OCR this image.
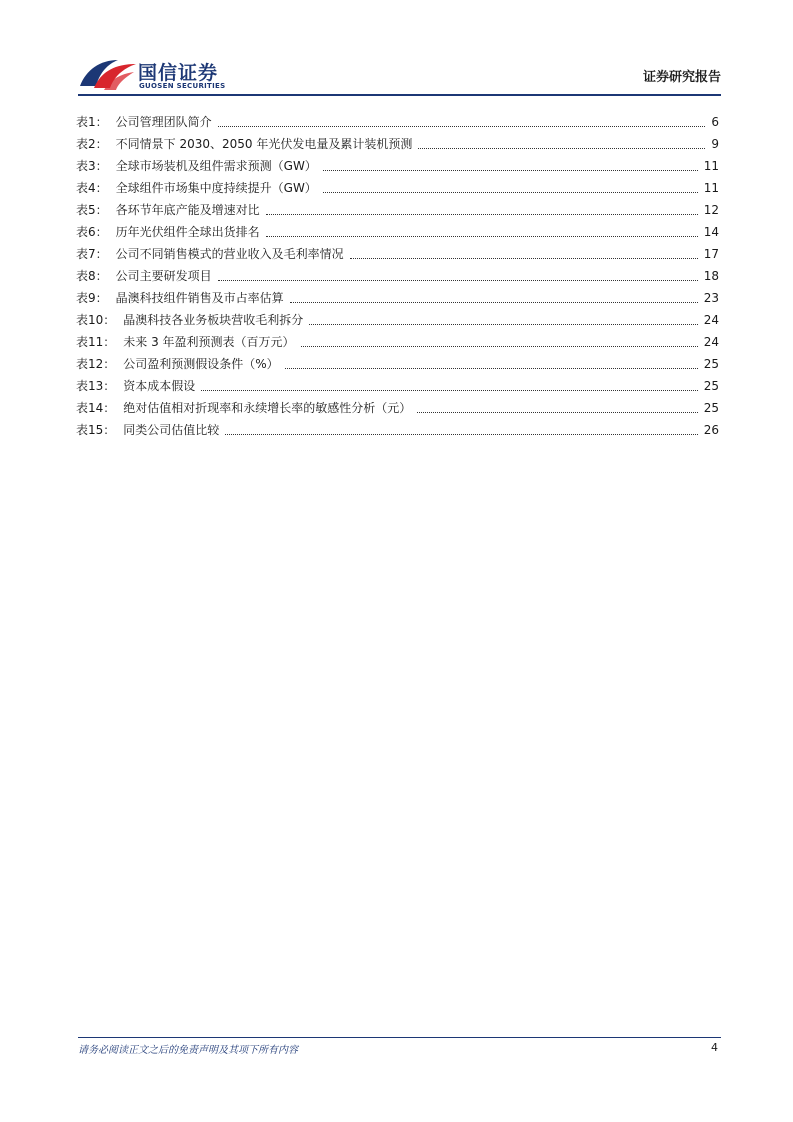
国信证券
GUOSEN SECURITIES
证券研究报告
表1： 公司管理团队简介	6
表2： 不同情景下 2030、2050 年光伏发电量及累计装机预测	9
表3： 全球市场装机及组件需求预测（GW）	11
表4： 全球组件市场集中度持续提升（GW）	11
表5： 各环节年底产能及增速对比	12
表6： 历年光伏组件全球出货排名	14
表7： 公司不同销售模式的营业收入及毛利率情况	17
表8： 公司主要研发项目	18
表9： 晶澳科技组件销售及市占率估算	23
表10： 晶澳科技各业务板块营收毛利拆分	24
表11： 未来 3 年盈利预测表（百万元）	24
表12： 公司盈利预测假设条件（%）	25
表13： 资本成本假设	25
表14： 绝对估值相对折现率和永续增长率的敏感性分析（元）	25
表15： 同类公司估值比较	26
请务必阅读正文之后的免责声明及其项下所有内容	4
